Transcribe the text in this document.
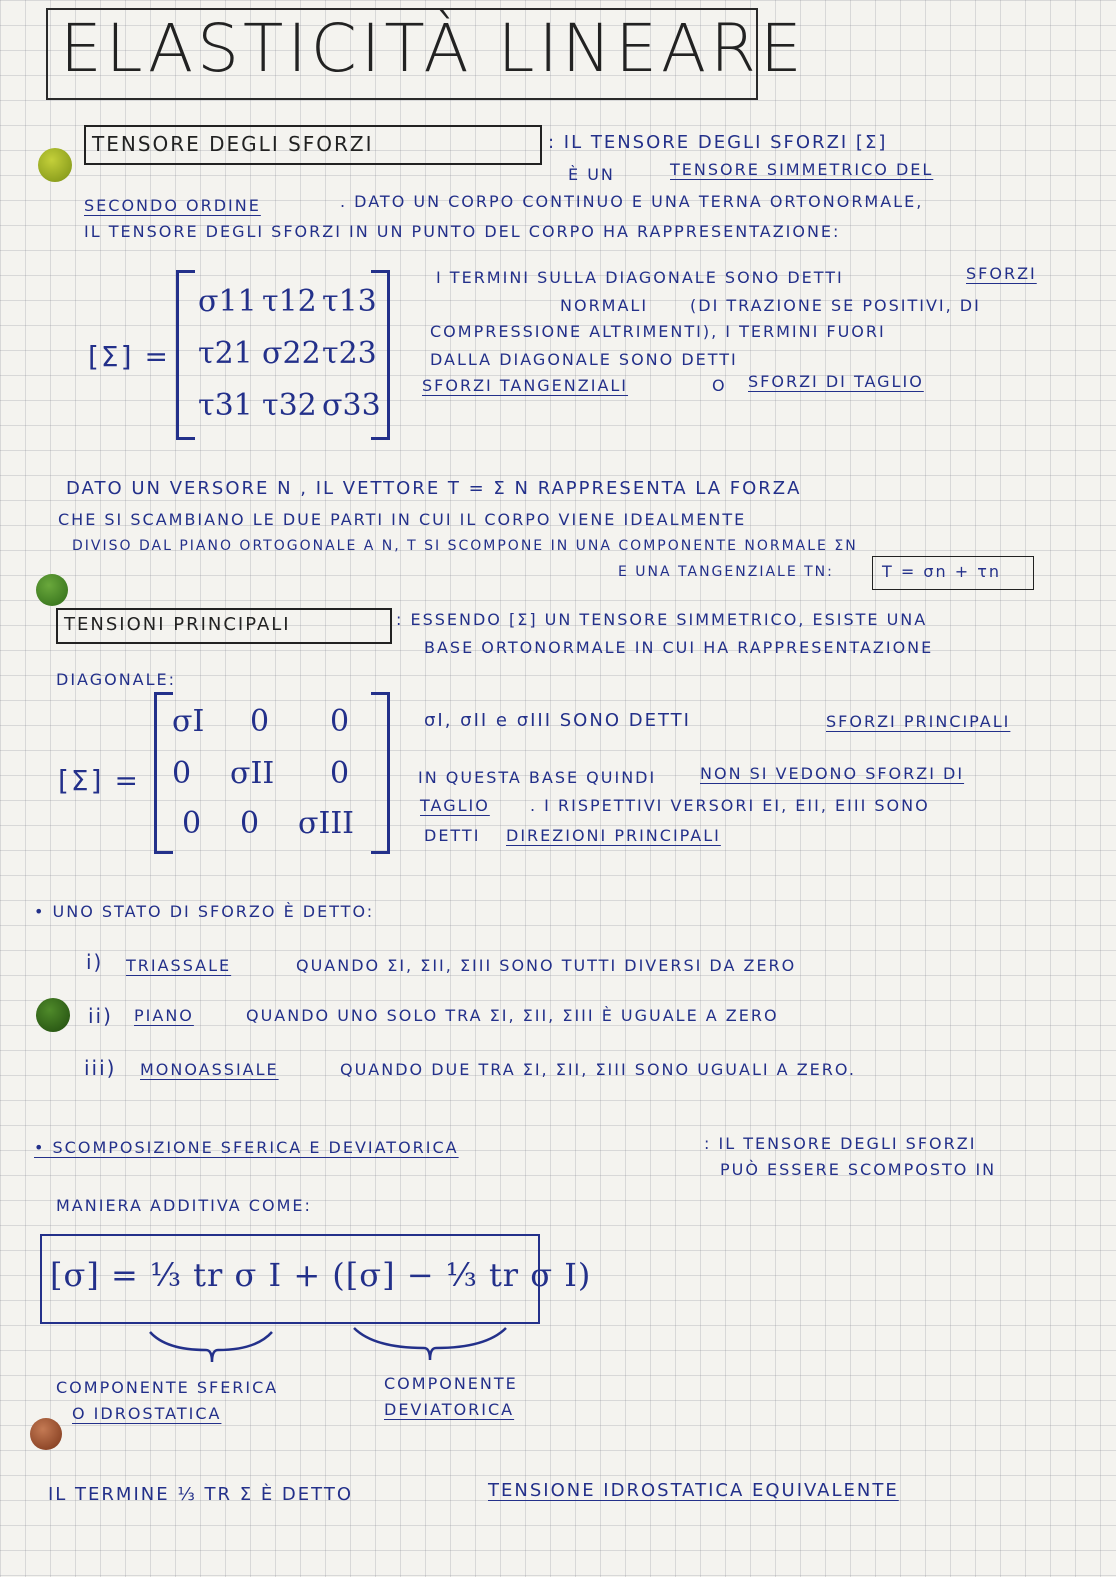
ELASTICITÀ LINEARE
TENSORE DEGLI SFORZI	: IL TENSORE DEGLI SFORZI [Σ]
È UN	TENSORE SIMMETRICO DEL
SECONDO ORDINE	. DATO UN CORPO CONTINUO E UNA TERNA ORTONORMALE,
IL TENSORE DEGLI SFORZI IN UN PUNTO DEL CORPO HA RAPPRESENTAZIONE:
[Σ] =
σ11 τ12 τ13
τ21 σ22 τ23
τ31 τ32 σ33
I TERMINI SULLA DIAGONALE SONO DETTI	SFORZI
NORMALI	(DI TRAZIONE SE POSITIVI, DI
COMPRESSIONE ALTRIMENTI), I TERMINI FUORI
DALLA DIAGONALE SONO DETTI
SFORZI TANGENZIALI	O SFORZI DI TAGLIO
DATO UN VERSORE N , IL VETTORE T = Σ N RAPPRESENTA LA FORZA
CHE SI SCAMBIANO LE DUE PARTI IN CUI IL CORPO VIENE IDEALMENTE
DIVISO DAL PIANO ORTOGONALE A N, T SI SCOMPONE IN UNA COMPONENTE NORMALE ΣN
E UNA TANGENZIALE ΤN:	T = σn + τn
TENSIONI PRINCIPALI	: ESSENDO [Σ] UN TENSORE SIMMETRICO, ESISTE UNA
BASE ORTONORMALE IN CUI HA RAPPRESENTAZIONE
DIAGONALE:
[Σ] =
σI 0 0
0 σII 0
0 0 σIII
σI, σII e σIII SONO DETTI	SFORZI PRINCIPALI
IN QUESTA BASE QUINDI	NON SI VEDONO SFORZI DI
TAGLIO	. I RISPETTIVI VERSORI EI, EII, EIII SONO
DETTI DIREZIONI PRINCIPALI
• UNO STATO DI SFORZO È DETTO:
i) TRIASSALE	QUANDO ΣI, ΣII, ΣIII SONO TUTTI DIVERSI DA ZERO
ii) PIANO	QUANDO UNO SOLO TRA ΣI, ΣII, ΣIII È UGUALE A ZERO
iii) MONOASSIALE	QUANDO DUE TRA ΣI, ΣII, ΣIII SONO UGUALI A ZERO.
• SCOMPOSIZIONE SFERICA E DEVIATORICA	: IL TENSORE DEGLI SFORZI
PUÒ ESSERE SCOMPOSTO IN
MANIERA ADDITIVA COME:
[σ] = ⅓ tr σ I + ([σ] − ⅓ tr σ I)
COMPONENTE SFERICA
O IDROSTATICA
COMPONENTE
DEVIATORICA
IL TERMINE ⅓ TR Σ È DETTO	TENSIONE IDROSTATICA EQUIVALENTE
